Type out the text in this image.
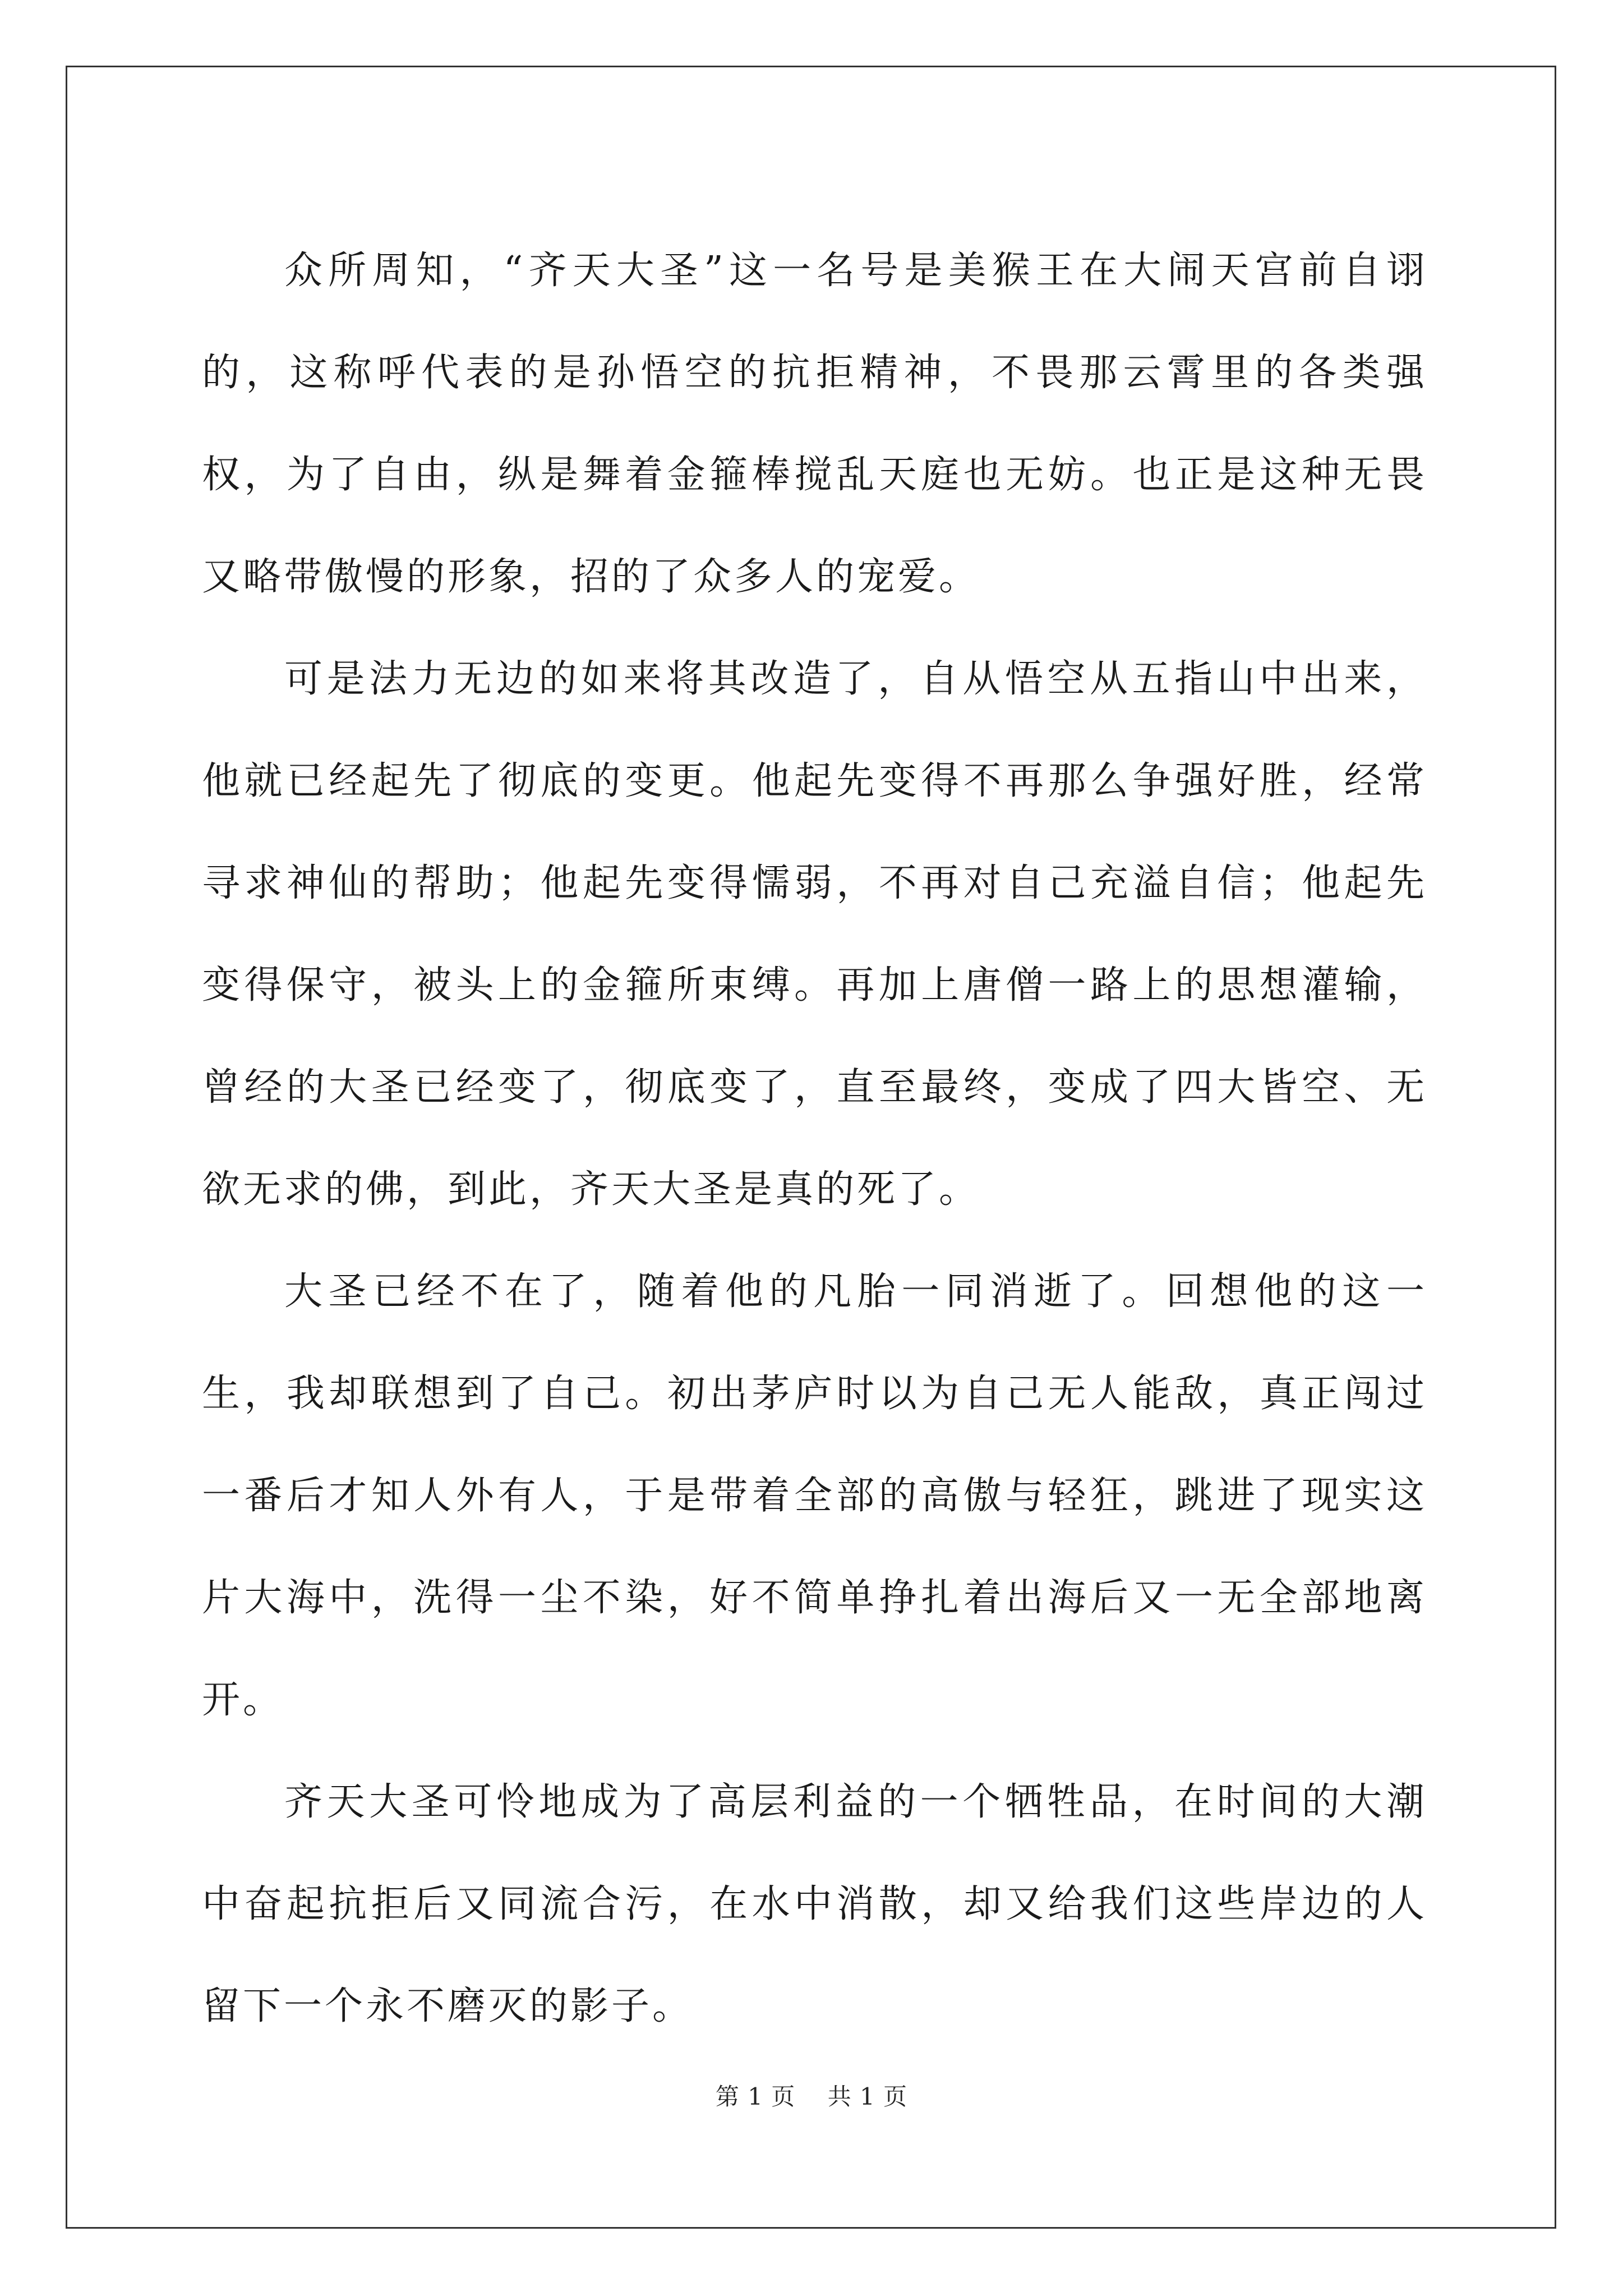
众所周知，“齐天大圣”这一名号是美猴王在大闹天宫前自诩的，这称呼代表的是孙悟空的抗拒精神，不畏那云霄里的各类强权，为了自由，纵是舞着金箍棒搅乱天庭也无妨。也正是这种无畏又略带傲慢的形象，招的了众多人的宠爱。

可是法力无边的如来将其改造了，自从悟空从五指山中出来，他就已经起先了彻底的变更。他起先变得不再那么争强好胜，经常寻求神仙的帮助；他起先变得懦弱，不再对自己充溢自信；他起先变得保守，被头上的金箍所束缚。再加上唐僧一路上的思想灌输，曾经的大圣已经变了，彻底变了，直至最终，变成了四大皆空、无欲无求的佛，到此，齐天大圣是真的死了。

大圣已经不在了，随着他的凡胎一同消逝了。回想他的这一生，我却联想到了自己。初出茅庐时以为自己无人能敌，真正闯过一番后才知人外有人，于是带着全部的高傲与轻狂，跳进了现实这片大海中，洗得一尘不染，好不简单挣扎着出海后又一无全部地离开。

齐天大圣可怜地成为了高层利益的一个牺牲品，在时间的大潮中奋起抗拒后又同流合污，在水中消散，却又给我们这些岸边的人留下一个永不磨灭的影子。

第 1 页 共 1 页
